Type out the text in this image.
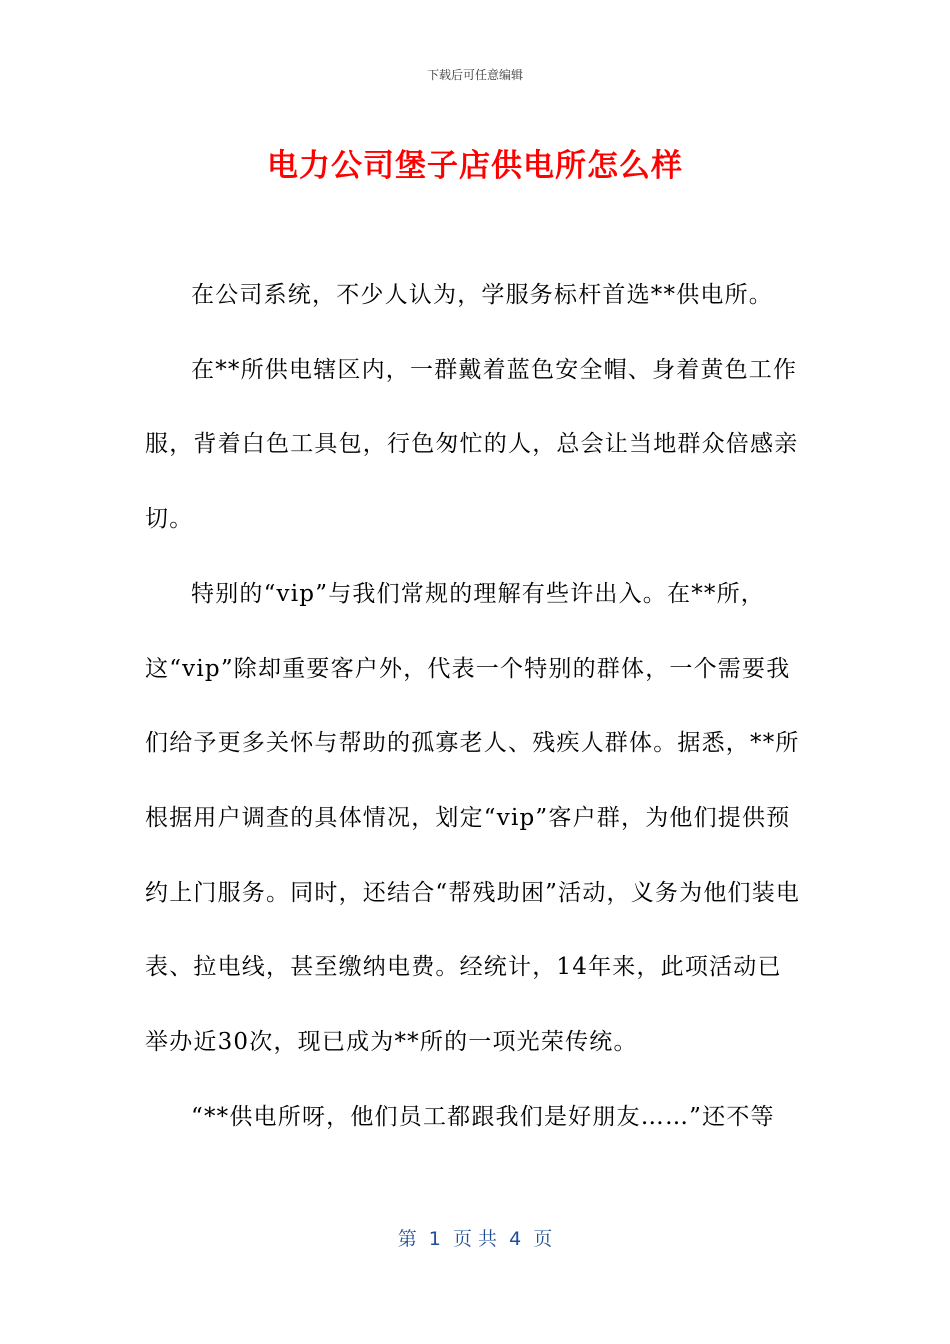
下载后可任意编辑
电力公司堡子店供电所怎么样

在公司系统，不少人认为，学服务标杆首选**供电所。

在**所供电辖区内，一群戴着蓝色安全帽、身着黄色工作服，背着白色工具包，行色匆忙的人，总会让当地群众倍感亲切。

特别的“vip”与我们常规的理解有些许出入。在**所，这“vip”除却重要客户外，代表一个特别的群体，一个需要我们给予更多关怀与帮助的孤寡老人、残疾人群体。据悉，**所根据用户调查的具体情况，划定“vip”客户群，为他们提供预约上门服务。同时，还结合“帮残助困”活动，义务为他们装电表、拉电线，甚至缴纳电费。经统计，14年来，此项活动已举办近30次，现已成为**所的一项光荣传统。

“**供电所呀，他们员工都跟我们是好朋友……”还不等

第  1  页 共  4  页
